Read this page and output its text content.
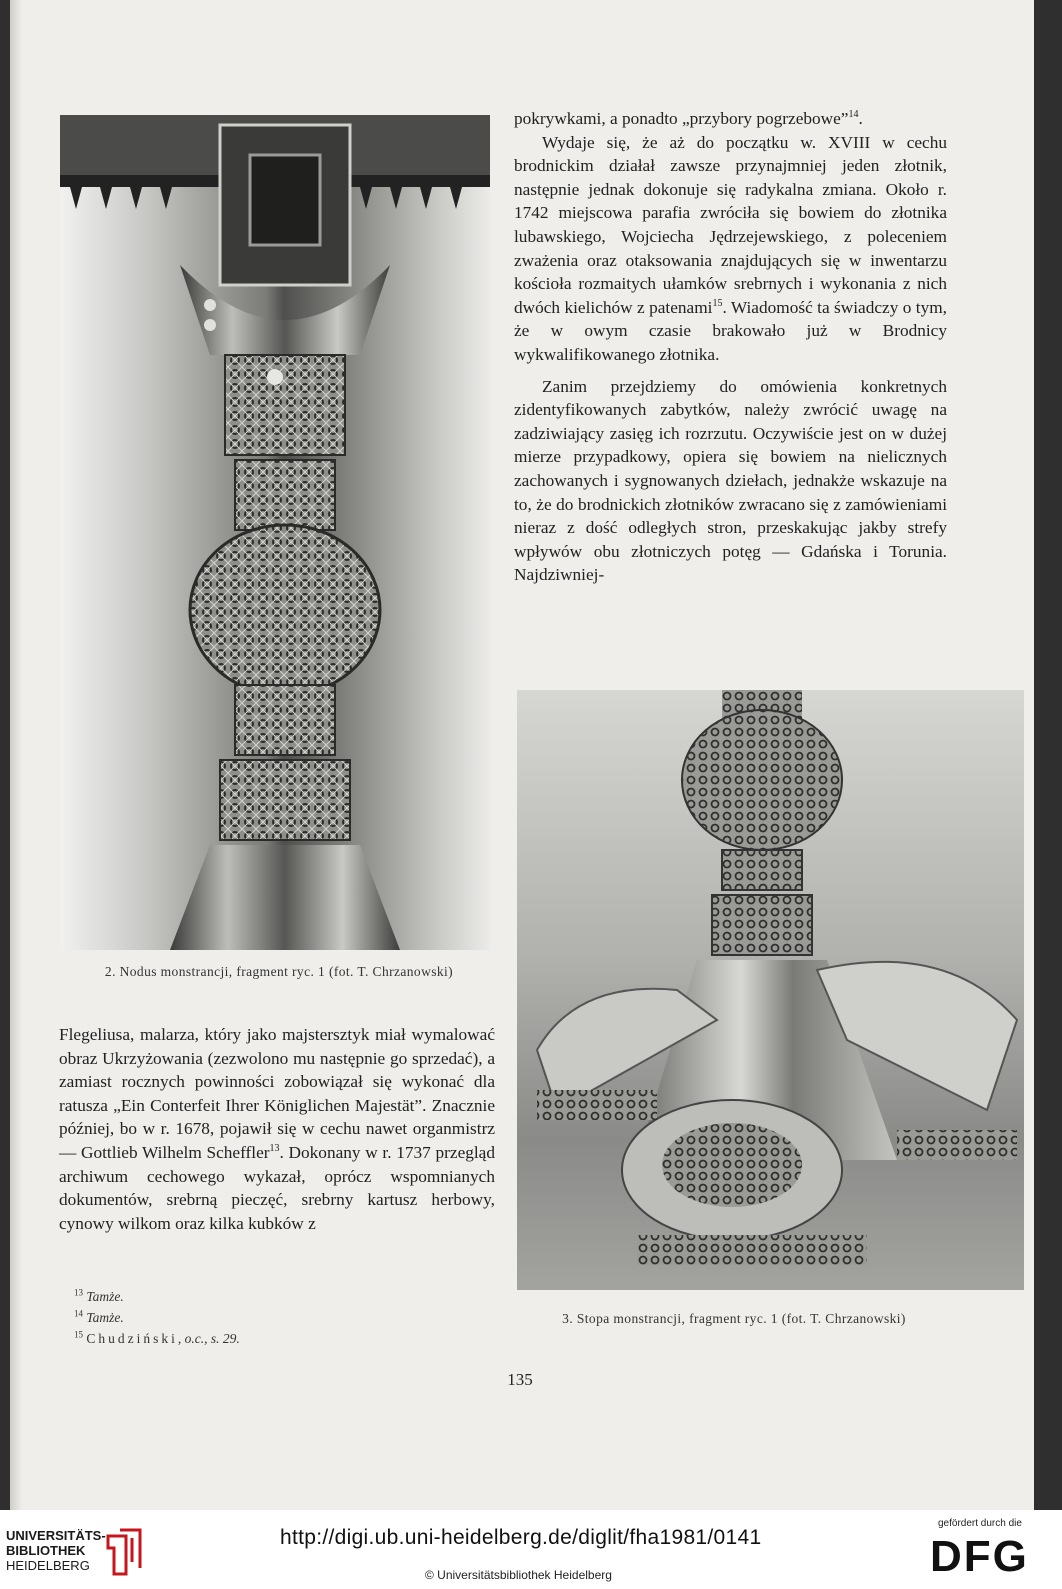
pokrywkami, a ponadto „przybory pogrzebowe”$^{14}$.

Wydaje się, że aż do początku w. XVIII w cechu brodnickim działał zawsze przynajmniej jeden złotnik, następnie jednak dokonuje się radykalna zmiana. Około r. 1742 miejscowa parafia zwróciła się bowiem do złotnika lubawskiego, Wojciecha Jędrzejewskiego, z poleceniem zważenia oraz otaksowania znajdujących się w inwentarzu kościoła rozmaitych ułamków srebrnych i wykonania z nich dwóch kielichów z patenami$^{15}$. Wiadomość ta świadczy o tym, że w owym czasie brakowało już w Brodnicy wykwalifikowanego złotnika.

Zanim przejdziemy do omówienia konkretnych zidentyfikowanych zabytków, należy zwrócić uwagę na zadziwiający zasięg ich rozrzutu. Oczywiście jest on w dużej mierze przypadkowy, opiera się bowiem na nielicznych zachowanych i sygnowanych dziełach, jednakże wskazuje na to, że do brodnickich złotników zwracano się z zamówieniami nieraz z dość odległych stron, przeskakując jakby strefy wpływów obu złotniczych potęg — Gdańska i Torunia. Najdziwniej-

Flegeliusa, malarza, który jako majstersztyk miał wymalować obraz Ukrzyżowania (zezwolono mu następnie go sprzedać), a zamiast rocznych powinności zobowiązał się wykonać dla ratusza „Ein Conterfeit Ihrer Königlichen Majestät”. Znacznie później, bo w r. 1678, pojawił się w cechu nawet organmistrz — Gottlieb Wilhelm Scheffler$^{13}$. Dokonany w r. 1737 przegląd archiwum cechowego wykazał, oprócz wspomnianych dokumentów, srebrną pieczęć, srebrny kartusz herbowy, cynowy wilkom oraz kilka kubków z

2. Nodus monstrancji, fragment ryc. 1 (fot. T. Chrzanowski)
3. Stopa monstrancji, fragment ryc. 1 (fot. T. Chrzanowski)
$^{13}$ Tamże.
$^{14}$ Tamże.
$^{15}$ Chudziński, o.c., s. 29.
135
UNIVERSITÄTS-
BIBLIOTHEK
HEIDELBERG
http://digi.ub.uni-heidelberg.de/diglit/fha1981/0141
© Universitätsbibliothek Heidelberg
gefördert durch die
DFG
